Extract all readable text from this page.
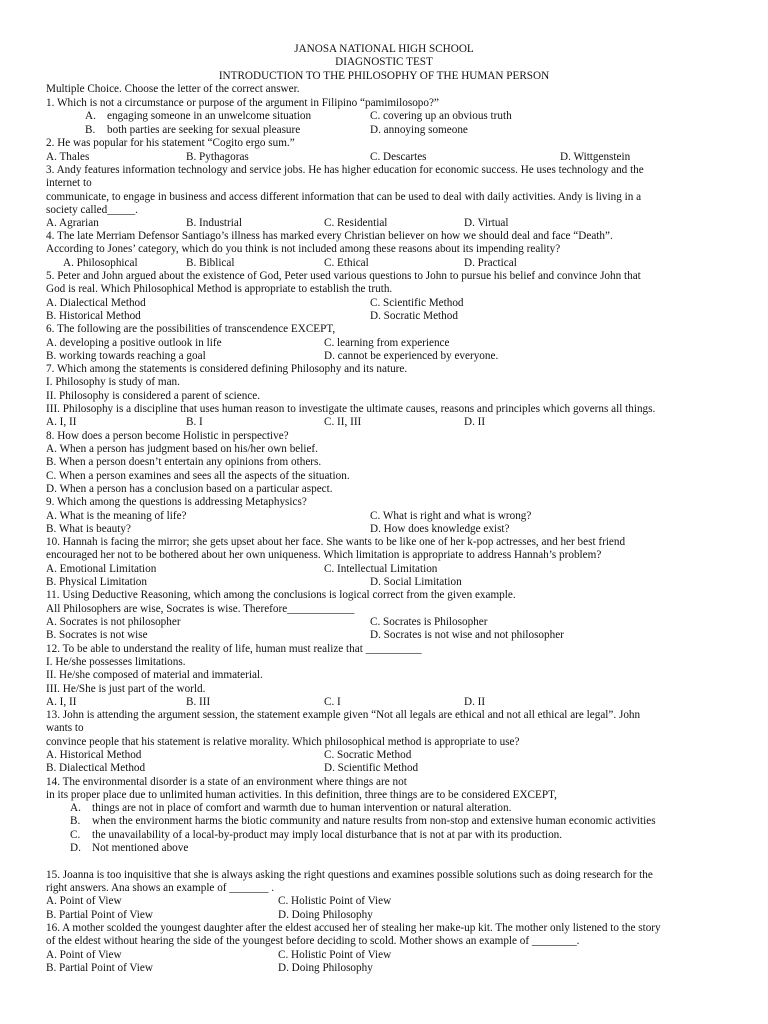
JANOSA NATIONAL HIGH SCHOOL
DIAGNOSTIC TEST
INTRODUCTION TO THE PHILOSOPHY OF THE HUMAN PERSON
Multiple Choice. Choose the letter of the correct answer.
1. Which is not a circumstance or purpose of the argument in Filipino “pamimilosopo?”
A. engaging someone in an unwelcome situation	C. covering up an obvious truth
B. both parties are seeking for sexual pleasure	D. annoying someone
2. He was popular for his statement “Cogito ergo sum.”
A. Thales	B. Pythagoras	C. Descartes	D. Wittgenstein
3. Andy features information technology and service jobs. He has higher education for economic success. He uses technology and the
internet to
communicate, to engage in business and access different information that can be used to deal with daily activities. Andy is living in a
society called_____.
A. Agrarian	B. Industrial	C. Residential	D. Virtual
4. The late Merriam Defensor Santiago’s illness has marked every Christian believer on how we should deal and face “Death”.
According to Jones’ category, which do you think is not included among these reasons about its impending reality?
A. Philosophical	B. Biblical	C. Ethical	D. Practical
5. Peter and John argued about the existence of God, Peter used various questions to John to pursue his belief and convince John that
God is real. Which Philosophical Method is appropriate to establish the truth.
A. Dialectical Method	C. Scientific Method
B. Historical Method	D. Socratic Method
6. The following are the possibilities of transcendence EXCEPT,
A. developing a positive outlook in life	C. learning from experience
B. working towards reaching a goal	D. cannot be experienced by everyone.
7. Which among the statements is considered defining Philosophy and its nature.
I. Philosophy is study of man.
II. Philosophy is considered a parent of science.
III. Philosophy is a discipline that uses human reason to investigate the ultimate causes, reasons and principles which governs all things.
A. I, II	B. I	C. II, III	D. II
8. How does a person become Holistic in perspective?
A. When a person has judgment based on his/her own belief.
B. When a person doesn’t entertain any opinions from others.
C. When a person examines and sees all the aspects of the situation.
D. When a person has a conclusion based on a particular aspect.
9. Which among the questions is addressing Metaphysics?
A. What is the meaning of life?	C. What is right and what is wrong?
B. What is beauty?	D. How does knowledge exist?
10. Hannah is facing the mirror; she gets upset about her face. She wants to be like one of her k-pop actresses, and her best friend
encouraged her not to be bothered about her own uniqueness. Which limitation is appropriate to address Hannah’s problem?
A. Emotional Limitation	C. Intellectual Limitation
B. Physical Limitation	D. Social Limitation
11. Using Deductive Reasoning, which among the conclusions is logical correct from the given example.
All Philosophers are wise, Socrates is wise. Therefore____________
A. Socrates is not philosopher	C. Socrates is Philosopher
B. Socrates is not wise	D. Socrates is not wise and not philosopher
12. To be able to understand the reality of life, human must realize that __________
I. He/she possesses limitations.
II. He/she composed of material and immaterial.
III. He/She is just part of the world.
A. I, II	B. III	C. I	D. II
13. John is attending the argument session, the statement example given “Not all legals are ethical and not all ethical are legal”. John
wants to
convince people that his statement is relative morality. Which philosophical method is appropriate to use?
A. Historical Method	C. Socratic Method
B. Dialectical Method	D. Scientific Method
14. The environmental disorder is a state of an environment where things are not
in its proper place due to unlimited human activities. In this definition, three things are to be considered EXCEPT,
A. things are not in place of comfort and warmth due to human intervention or natural alteration.
B. when the environment harms the biotic community and nature results from non-stop and extensive human economic activities
C. the unavailability of a local-by-product may imply local disturbance that is not at par with its production.
D. Not mentioned above
15. Joanna is too inquisitive that she is always asking the right questions and examines possible solutions such as doing research for the
right answers. Ana shows an example of _______ .
A. Point of View	C. Holistic Point of View
B. Partial Point of View	D. Doing Philosophy
16. A mother scolded the youngest daughter after the eldest accused her of stealing her make-up kit. The mother only listened to the story
of the eldest without hearing the side of the youngest before deciding to scold. Mother shows an example of ________.
A. Point of View	C. Holistic Point of View
B. Partial Point of View	D. Doing Philosophy
